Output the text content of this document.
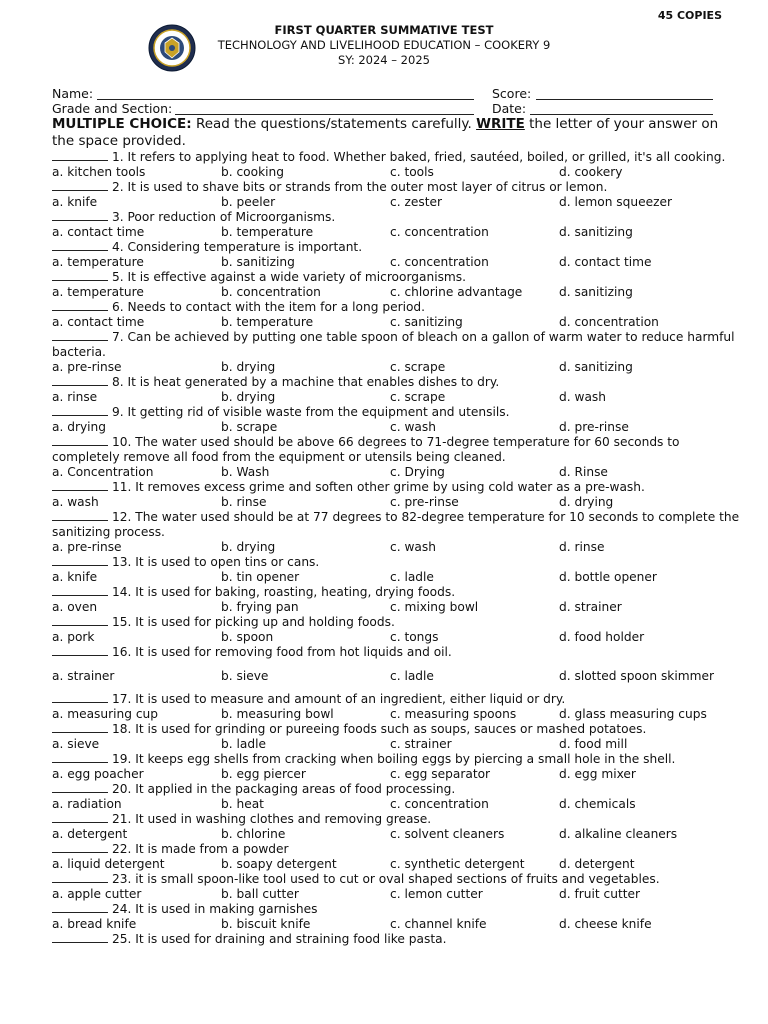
45 COPIES
FIRST QUARTER SUMMATIVE TEST
TECHNOLOGY AND LIVELIHOOD EDUCATION – COOKERY 9
SY: 2024 – 2025
Name:	Score:
Grade and Section:	Date:
MULTIPLE CHOICE: Read the questions/statements carefully. WRITE the letter of your answer on the space provided.
1. It refers to applying heat to food. Whether baked, fried, sautéed, boiled, or grilled, it's all cooking.
a. kitchen tools	b. cooking	c. tools	d. cookery
2. It is used to shave bits or strands from the outer most layer of citrus or lemon.
a. knife	b. peeler	c. zester	d. lemon squeezer
3. Poor reduction of Microorganisms.
a. contact time	b. temperature	c. concentration	d. sanitizing
4. Considering temperature is important.
a. temperature	b. sanitizing	c. concentration	d. contact time
5. It is effective against a wide variety of microorganisms.
a. temperature	b. concentration	c. chlorine advantage	d. sanitizing
6. Needs to contact with the item for a long period.
a. contact time	b. temperature	c. sanitizing	d. concentration
7. Can be achieved by putting one table spoon of bleach on a gallon of warm water to reduce harmful bacteria.
a. pre-rinse	b. drying	c. scrape	d. sanitizing
8. It is heat generated by a machine that enables dishes to dry.
a. rinse	b. drying	c. scrape	d. wash
9. It getting rid of visible waste from the equipment and utensils.
a. drying	b. scrape	c. wash	d. pre-rinse
10. The water used should be above 66 degrees to 71-degree temperature for 60 seconds to completely remove all food from the equipment or utensils being cleaned.
a. Concentration	b. Wash	c. Drying	d. Rinse
11. It removes excess grime and soften other grime by using cold water as a pre-wash.
a. wash	b. rinse	c. pre-rinse	d. drying
12. The water used should be at 77 degrees to 82-degree temperature for 10 seconds to complete the sanitizing process.
a. pre-rinse	b. drying	c. wash	d. rinse
13. It is used to open tins or cans.
a. knife	b. tin opener	c. ladle	d. bottle opener
14. It is used for baking, roasting, heating, drying foods.
a. oven	b. frying pan	c. mixing bowl	d. strainer
15. It is used for picking up and holding foods.
a. pork	b. spoon	c. tongs	d. food holder
16. It is used for removing food from hot liquids and oil.
a. strainer	b. sieve	c. ladle	d. slotted spoon skimmer
17. It is used to measure and amount of an ingredient, either liquid or dry.
a. measuring cup	b. measuring bowl	c. measuring spoons	d. glass measuring cups
18. It is used for grinding or pureeing foods such as soups, sauces or mashed potatoes.
a. sieve	b. ladle	c. strainer	d. food mill
19. It keeps egg shells from cracking when boiling eggs by piercing a small hole in the shell.
a. egg poacher	b. egg piercer	c. egg separator	d. egg mixer
20. It applied in the packaging areas of food processing.
a. radiation	b. heat	c. concentration	d. chemicals
21. It used in washing clothes and removing grease.
a. detergent	b. chlorine	c. solvent cleaners	d. alkaline cleaners
22. It is made from a powder
a. liquid detergent	b. soapy detergent	c. synthetic detergent	d. detergent
23. it is small spoon-like tool used to cut or oval shaped sections of fruits and vegetables.
a. apple cutter	b. ball cutter	c. lemon cutter	d. fruit cutter
24. It is used in making garnishes
a. bread knife	b. biscuit knife	c. channel knife	d. cheese knife
25. It is used for draining and straining food like pasta.
